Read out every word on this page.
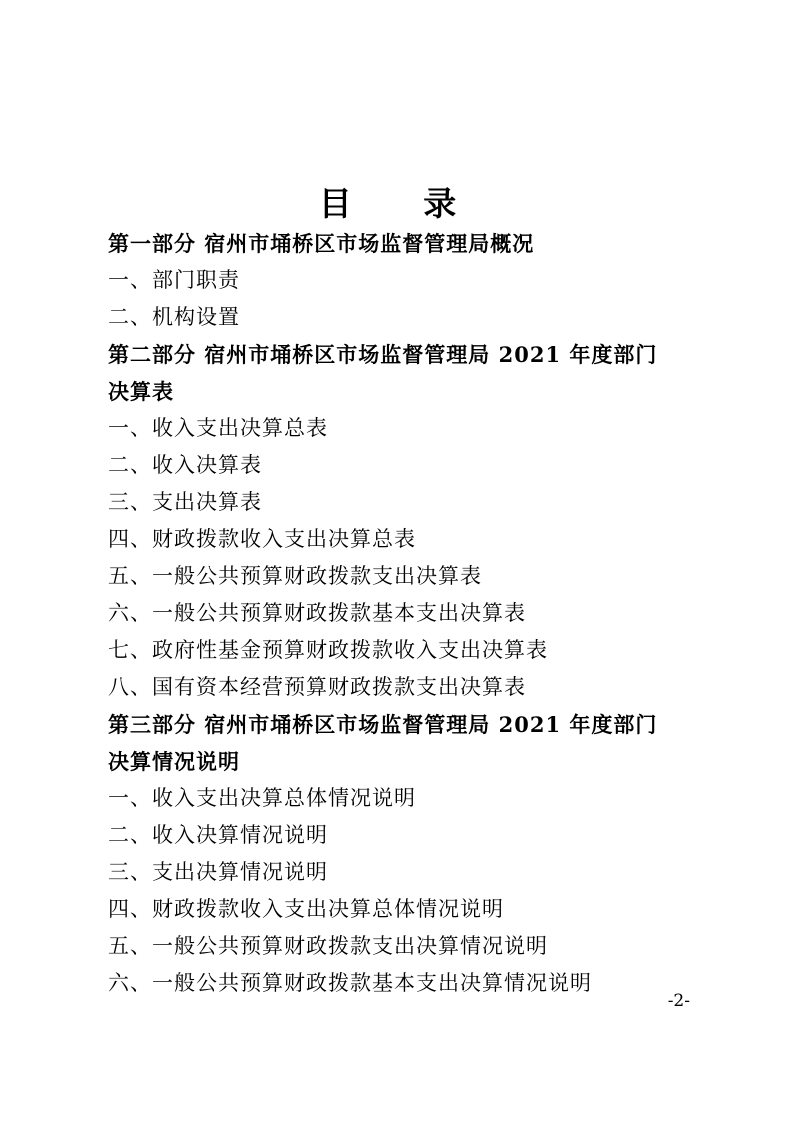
目 录
第一部分 宿州市埇桥区市场监督管理局概况
一、部门职责
二、机构设置
第二部分 宿州市埇桥区市场监督管理局 2021 年度部门
决算表
一、收入支出决算总表
二、收入决算表
三、支出决算表
四、财政拨款收入支出决算总表
五、一般公共预算财政拨款支出决算表
六、一般公共预算财政拨款基本支出决算表
七、政府性基金预算财政拨款收入支出决算表
八、国有资本经营预算财政拨款支出决算表
第三部分 宿州市埇桥区市场监督管理局 2021 年度部门
决算情况说明
一、收入支出决算总体情况说明
二、收入决算情况说明
三、支出决算情况说明
四、财政拨款收入支出决算总体情况说明
五、一般公共预算财政拨款支出决算情况说明
六、一般公共预算财政拨款基本支出决算情况说明
-2-
